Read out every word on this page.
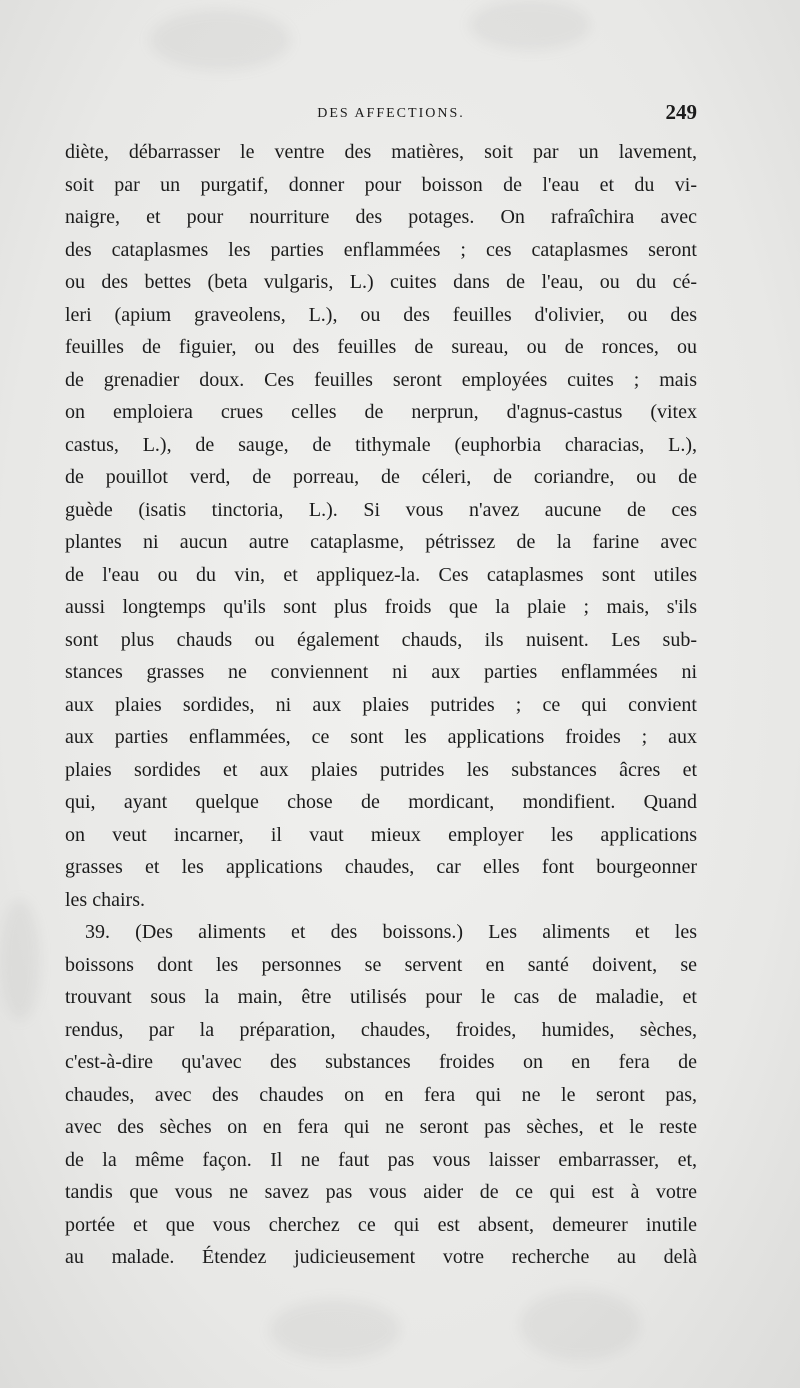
DES AFFECTIONS.	249
diète, débarrasser le ventre des matières, soit par un lavement,
soit par un purgatif, donner pour boisson de l'eau et du vi-
naigre, et pour nourriture des potages. On rafraîchira avec
des cataplasmes les parties enflammées ; ces cataplasmes seront
ou des bettes (beta vulgaris, L.) cuites dans de l'eau, ou du cé-
leri (apium graveolens, L.), ou des feuilles d'olivier, ou des
feuilles de figuier, ou des feuilles de sureau, ou de ronces, ou
de grenadier doux. Ces feuilles seront employées cuites ; mais
on emploiera crues celles de nerprun, d'agnus-castus (vitex
castus, L.), de sauge, de tithymale (euphorbia characias, L.),
de pouillot verd, de porreau, de céleri, de coriandre, ou de
guède (isatis tinctoria, L.). Si vous n'avez aucune de ces
plantes ni aucun autre cataplasme, pétrissez de la farine avec
de l'eau ou du vin, et appliquez-la. Ces cataplasmes sont utiles
aussi longtemps qu'ils sont plus froids que la plaie ; mais, s'ils
sont plus chauds ou également chauds, ils nuisent. Les sub-
stances grasses ne conviennent ni aux parties enflammées ni
aux plaies sordides, ni aux plaies putrides ; ce qui convient
aux parties enflammées, ce sont les applications froides ; aux
plaies sordides et aux plaies putrides les substances âcres et
qui, ayant quelque chose de mordicant, mondifient. Quand
on veut incarner, il vaut mieux employer les applications
grasses et les applications chaudes, car elles font bourgeonner
les chairs.
39. (Des aliments et des boissons.) Les aliments et les
boissons dont les personnes se servent en santé doivent, se
trouvant sous la main, être utilisés pour le cas de maladie, et
rendus, par la préparation, chaudes, froides, humides, sèches,
c'est-à-dire qu'avec des substances froides on en fera de
chaudes, avec des chaudes on en fera qui ne le seront pas,
avec des sèches on en fera qui ne seront pas sèches, et le reste
de la même façon. Il ne faut pas vous laisser embarrasser, et,
tandis que vous ne savez pas vous aider de ce qui est à votre
portée et que vous cherchez ce qui est absent, demeurer inutile
au malade. Étendez judicieusement votre recherche au delà
